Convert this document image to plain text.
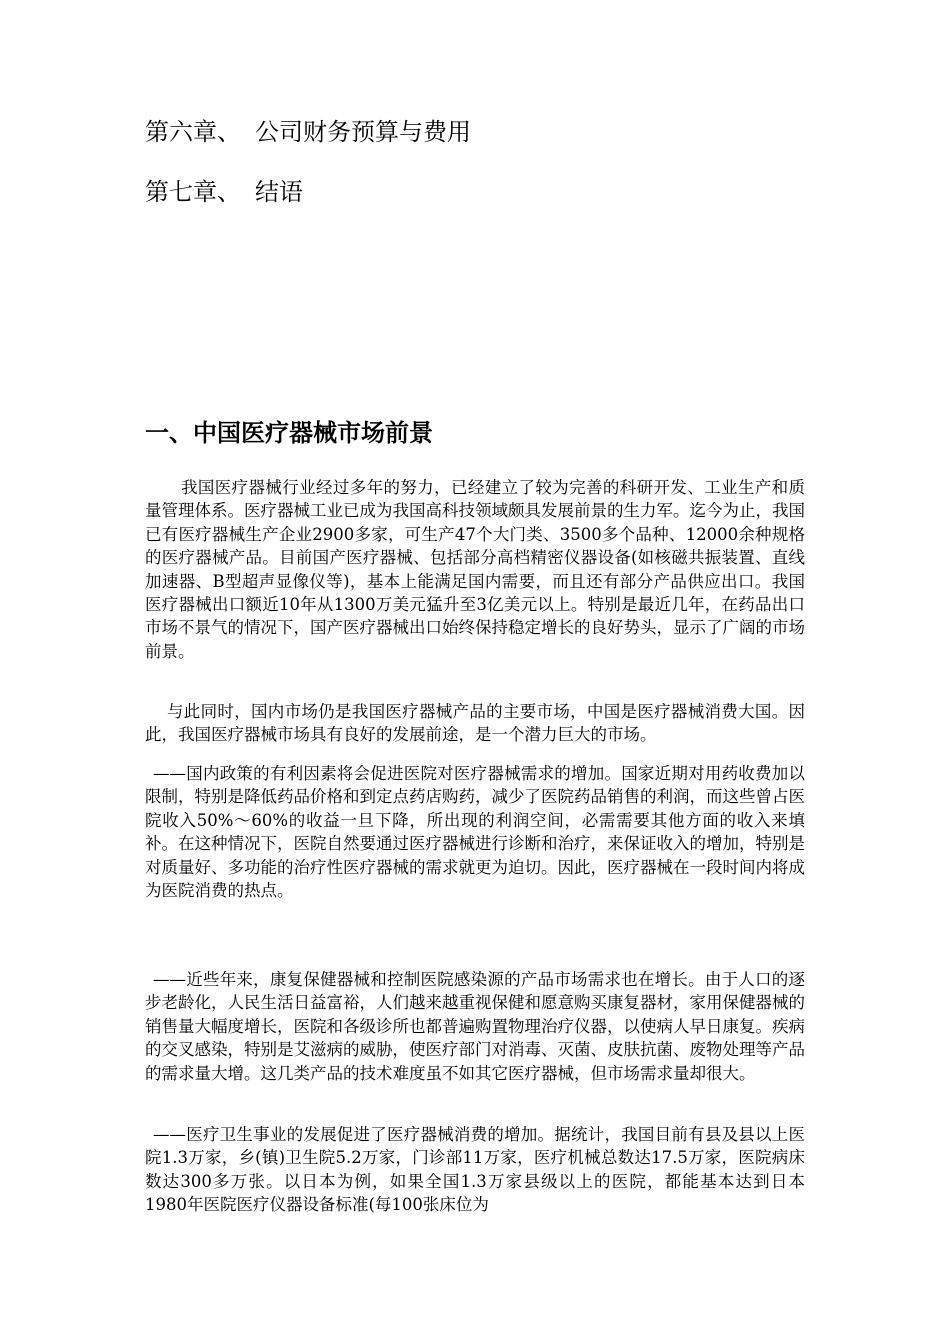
第六章、 公司财务预算与费用
第七章、 结语
一、中国医疗器械市场前景

我国医疗器械行业经过多年的努力，已经建立了较为完善的科研开发、工业生产和质量管理体系。医疗器械工业已成为我国高科技领域颇具发展前景的生力军。迄今为止，我国已有医疗器械生产企业2900多家，可生产47个大门类、3500多个品种、12000余种规格的医疗器械产品。目前国产医疗器械、包括部分高档精密仪器设备(如核磁共振装置、直线加速器、B型超声显像仪等)，基本上能满足国内需要，而且还有部分产品供应出口。我国医疗器械出口额近10年从1300万美元猛升至3亿美元以上。特别是最近几年，在药品出口市场不景气的情况下，国产医疗器械出口始终保持稳定增长的良好势头，显示了广阔的市场前景。

与此同时，国内市场仍是我国医疗器械产品的主要市场，中国是医疗器械消费大国。因此，我国医疗器械市场具有良好的发展前途，是一个潜力巨大的市场。

——国内政策的有利因素将会促进医院对医疗器械需求的增加。国家近期对用药收费加以限制，特别是降低药品价格和到定点药店购药，减少了医院药品销售的利润，而这些曾占医院收入50%～60%的收益一旦下降，所出现的利润空间，必需需要其他方面的收入来填补。在这种情况下，医院自然要通过医疗器械进行诊断和治疗，来保证收入的增加，特别是对质量好、多功能的治疗性医疗器械的需求就更为迫切。因此，医疗器械在一段时间内将成为医院消费的热点。

——近些年来，康复保健器械和控制医院感染源的产品市场需求也在增长。由于人口的逐步老龄化，人民生活日益富裕，人们越来越重视保健和愿意购买康复器材，家用保健器械的销售量大幅度增长，医院和各级诊所也都普遍购置物理治疗仪器，以使病人早日康复。疾病的交叉感染，特别是艾滋病的威胁，使医疗部门对消毒、灭菌、皮肤抗菌、废物处理等产品的需求量大增。这几类产品的技术难度虽不如其它医疗器械，但市场需求量却很大。

——医疗卫生事业的发展促进了医疗器械消费的增加。据统计，我国目前有县及县以上医院1.3万家，乡(镇)卫生院5.2万家，门诊部11万家，医疗机械总数达17.5万家，医院病床数达300多万张。以日本为例，如果全国1.3万家县级以上的医院，都能基本达到日本1980年医院医疗仪器设备标准(每100张床位为
